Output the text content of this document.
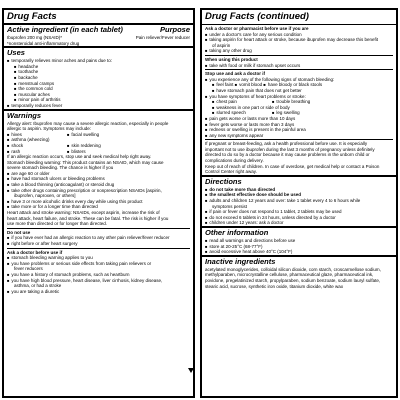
Drug Facts
Active ingredient (in each tablet)	Purpose
Ibuprofen 200 mg (NSAID)*	Pain reliever/Fever reducer
*nonsteroidal anti-inflammatory drug
Uses
■ temporarily relieves minor aches and pains due to:
■ headache
■ toothache
■ backache
■ menstrual cramps
■ the common cold
■ muscular aches
■ minor pain of arthritis
■ temporarily reduces fever
Warnings
Allergy alert: Ibuprofen may cause a severe allergic reaction, especially in people
allergic to aspirin. Symptoms may include:
■ hives	■ facial swelling
■ asthma (wheezing)
■ shock	■ skin reddening
■ rash	■ blisters
If an allergic reaction occurs, stop use and seek medical help right away.
Stomach bleeding warning: This product contains an NSAID, which may cause
severe stomach bleeding. The chance is higher if you
■ are age 60 or older
■ have had stomach ulcers or bleeding problems
■ take a blood thinning (anticoagulant) or steroid drug
■ take other drugs containing prescription or nonprescription NSAIDs [aspirin,
ibuprofen, naproxen, or others]
■ have 3 or more alcoholic drinks every day while using this product
■ take more or for a longer time than directed
Heart attack and stroke warning: NSAIDs, except aspirin, increase the risk of
heart attack, heart failure, and stroke. These can be fatal. The risk is higher if you
use more than directed or for longer than directed.
Do not use
■ if you have ever had an allergic reaction to any other pain reliever/fever reducer
■ right before or after heart surgery
Ask a doctor before use if
■ stomach bleeding warning applies to you
■ you have problems or serious side effects from taking pain relievers or
fever reducers
■ you have a history of stomach problems, such as heartburn
■ you have high blood pressure, heart disease, liver cirrhosis, kidney disease,
asthma, or had a stroke
■ you are taking a diuretic
Drug Facts (continued)
Ask a doctor or pharmacist before use if you are
■ under a doctor's care for any serious condition
■ taking aspirin for heart attack or stroke, because ibuprofen may decrease this benefit
of aspirin
■ taking any other drug
When using this product
■ take with food or milk if stomach upset occurs
Stop use and ask a doctor if
■ you experience any of the following signs of stomach bleeding:
■ feel faint ■ vomit blood ■ have bloody or black stools
■ have stomach pain that does not get better
■ you have symptoms of heart problems or stroke:
■ chest pain	■ trouble breathing
■ weakness in one part or side of body
■ slurred speech	■ leg swelling
■ pain gets worse or lasts more than 10 days
■ fever gets worse or lasts more than 3 days
■ redness or swelling is present in the painful area
■ any new symptoms appear
If pregnant or breast-feeding, ask a health professional before use. It is especially
important not to use ibuprofen during the last 3 months of pregnancy unless definitely
directed to do so by a doctor because it may cause problems in the unborn child or
complications during delivery.
Keep out of reach of children. In case of overdose, get medical help or contact a Poison
Control Center right away.
Directions
■ do not take more than directed
■ the smallest effective dose should be used
■ adults and children 12 years and over: take 1 tablet every 4 to 6 hours while
symptoms persist
■ if pain or fever does not respond to 1 tablet, 2 tablets may be used
■ do not exceed 6 tablets in 24 hours, unless directed by a doctor
■ children under 12 years: ask a doctor
Other information
■ read all warnings and directions before use
■ store at 20-25°C (68-77°F)
■ avoid excessive heat above 40°C (104°F)
Inactive ingredients
acetylated monoglycerides, colloidal silicon dioxide, corn starch, croscarmellose sodium,
methylparaben, microcrystalline cellulose, pharmaceutical glaze, pharmaceutical ink,
povidone, pregelatinized starch, propylparaben, sodium benzoate, sodium lauryl sulfate,
stearic acid, sucrose, synthetic iron oxide, titanium dioxide, white wax
